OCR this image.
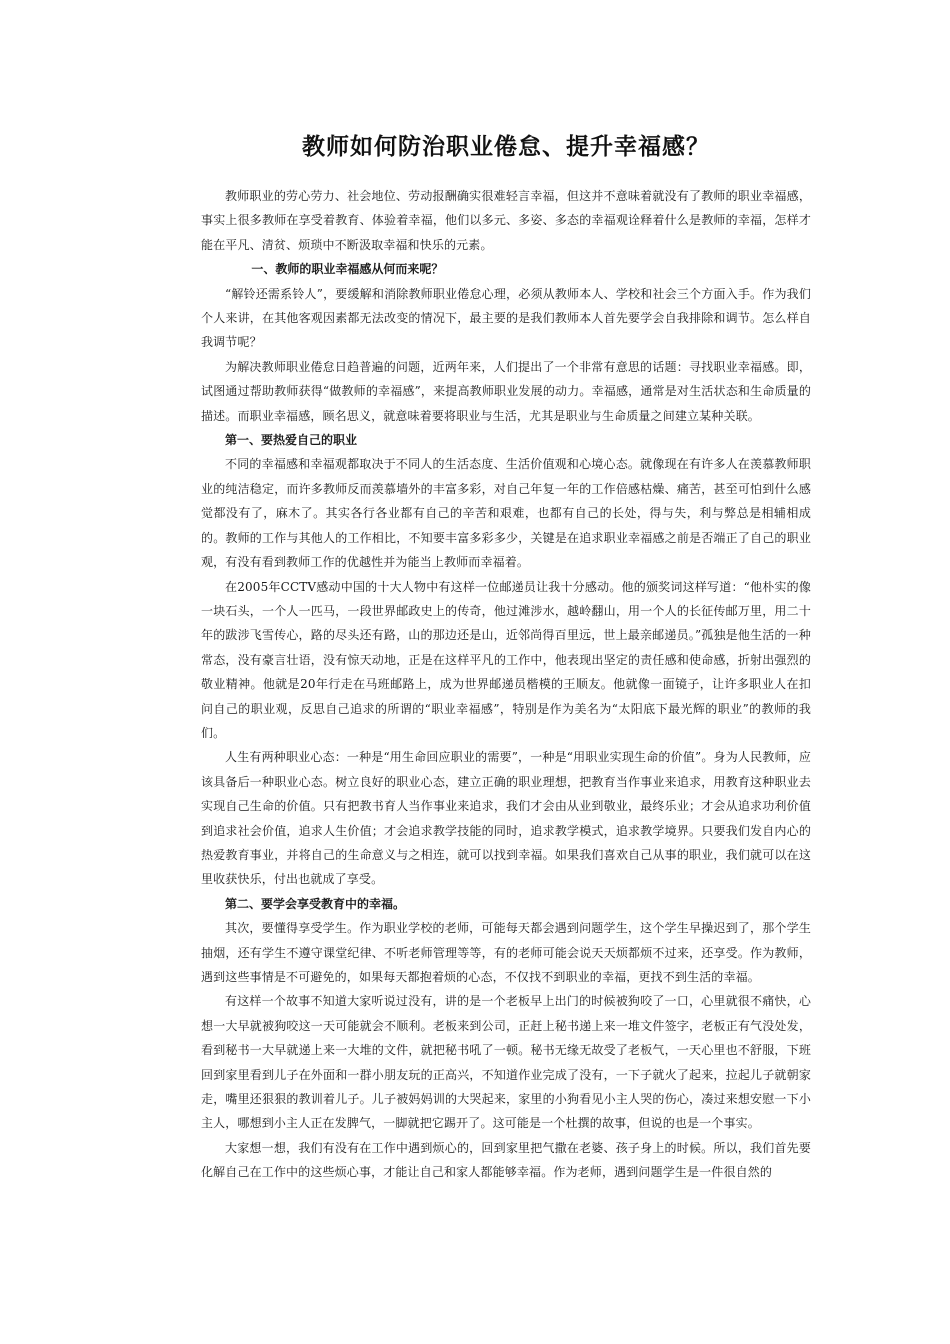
教师如何防治职业倦怠、提升幸福感？

教师职业的劳心劳力、社会地位、劳动报酬确实很难轻言幸福，但这并不意味着就没有了教师的职业幸福感，事实上很多教师在享受着教育、体验着幸福，他们以多元、多姿、多态的幸福观诠释着什么是教师的幸福，怎样才能在平凡、清贫、烦琐中不断汲取幸福和快乐的元素。

一、教师的职业幸福感从何而来呢？

“解铃还需系铃人”，要缓解和消除教师职业倦怠心理，必须从教师本人、学校和社会三个方面入手。作为我们个人来讲，在其他客观因素都无法改变的情况下，最主要的是我们教师本人首先要学会自我排除和调节。怎么样自我调节呢？

为解决教师职业倦怠日趋普遍的问题，近两年来，人们提出了一个非常有意思的话题：寻找职业幸福感。即，试图通过帮助教师获得“做教师的幸福感”，来提高教师职业发展的动力。幸福感，通常是对生活状态和生命质量的描述。而职业幸福感，顾名思义，就意味着要将职业与生活，尤其是职业与生命质量之间建立某种关联。

第一、要热爱自己的职业

不同的幸福感和幸福观都取决于不同人的生活态度、生活价值观和心境心态。就像现在有许多人在羡慕教师职业的纯洁稳定，而许多教师反而羡慕墙外的丰富多彩，对自己年复一年的工作倍感枯燥、痛苦，甚至可怕到什么感觉都没有了，麻木了。其实各行各业都有自己的辛苦和艰难，也都有自己的长处，得与失，利与弊总是相辅相成的。教师的工作与其他人的工作相比，不知要丰富多彩多少，关键是在追求职业幸福感之前是否端正了自己的职业观，有没有看到教师工作的优越性并为能当上教师而幸福着。

在2005年CCTV感动中国的十大人物中有这样一位邮递员让我十分感动。他的颁奖词这样写道：“他朴实的像一块石头，一个人一匹马，一段世界邮政史上的传奇，他过滩涉水，越岭翻山，用一个人的长征传邮万里，用二十年的跋涉飞雪传心，路的尽头还有路，山的那边还是山，近邻尚得百里远，世上最亲邮递员。”孤独是他生活的一种常态，没有豪言壮语，没有惊天动地，正是在这样平凡的工作中，他表现出坚定的责任感和使命感，折射出强烈的敬业精神。他就是20年行走在马班邮路上，成为世界邮递员楷模的王顺友。他就像一面镜子，让许多职业人在扣问自己的职业观，反思自己追求的所谓的“职业幸福感”，特别是作为美名为“太阳底下最光辉的职业”的教师的我们。

人生有两种职业心态：一种是“用生命回应职业的需要”，一种是“用职业实现生命的价值”。身为人民教师，应该具备后一种职业心态。树立良好的职业心态，建立正确的职业理想，把教育当作事业来追求，用教育这种职业去实现自己生命的价值。只有把教书育人当作事业来追求，我们才会由从业到敬业，最终乐业；才会从追求功利价值到追求社会价值，追求人生价值；才会追求教学技能的同时，追求教学模式，追求教学境界。只要我们发自内心的热爱教育事业，并将自己的生命意义与之相连，就可以找到幸福。如果我们喜欢自己从事的职业，我们就可以在这里收获快乐，付出也就成了享受。

第二、要学会享受教育中的幸福。

其次，要懂得享受学生。作为职业学校的老师，可能每天都会遇到问题学生，这个学生早操迟到了，那个学生抽烟，还有学生不遵守课堂纪律、不听老师管理等等，有的老师可能会说天天烦都烦不过来，还享受。作为教师，遇到这些事情是不可避免的，如果每天都抱着烦的心态，不仅找不到职业的幸福，更找不到生活的幸福。

有这样一个故事不知道大家听说过没有，讲的是一个老板早上出门的时候被狗咬了一口，心里就很不痛快，心想一大早就被狗咬这一天可能就会不顺利。老板来到公司，正赶上秘书递上来一堆文件签字，老板正有气没处发，看到秘书一大早就递上来一大堆的文件，就把秘书吼了一顿。秘书无缘无故受了老板气，一天心里也不舒服，下班回到家里看到儿子在外面和一群小朋友玩的正高兴，不知道作业完成了没有，一下子就火了起来，拉起儿子就朝家走，嘴里还狠狠的教训着儿子。儿子被妈妈训的大哭起来，家里的小狗看见小主人哭的伤心，凑过来想安慰一下小主人，哪想到小主人正在发脾气，一脚就把它踢开了。这可能是一个杜撰的故事，但说的也是一个事实。

大家想一想，我们有没有在工作中遇到烦心的，回到家里把气撒在老婆、孩子身上的时候。所以，我们首先要化解自己在工作中的这些烦心事，才能让自己和家人都能够幸福。作为老师，遇到问题学生是一件很自然的
